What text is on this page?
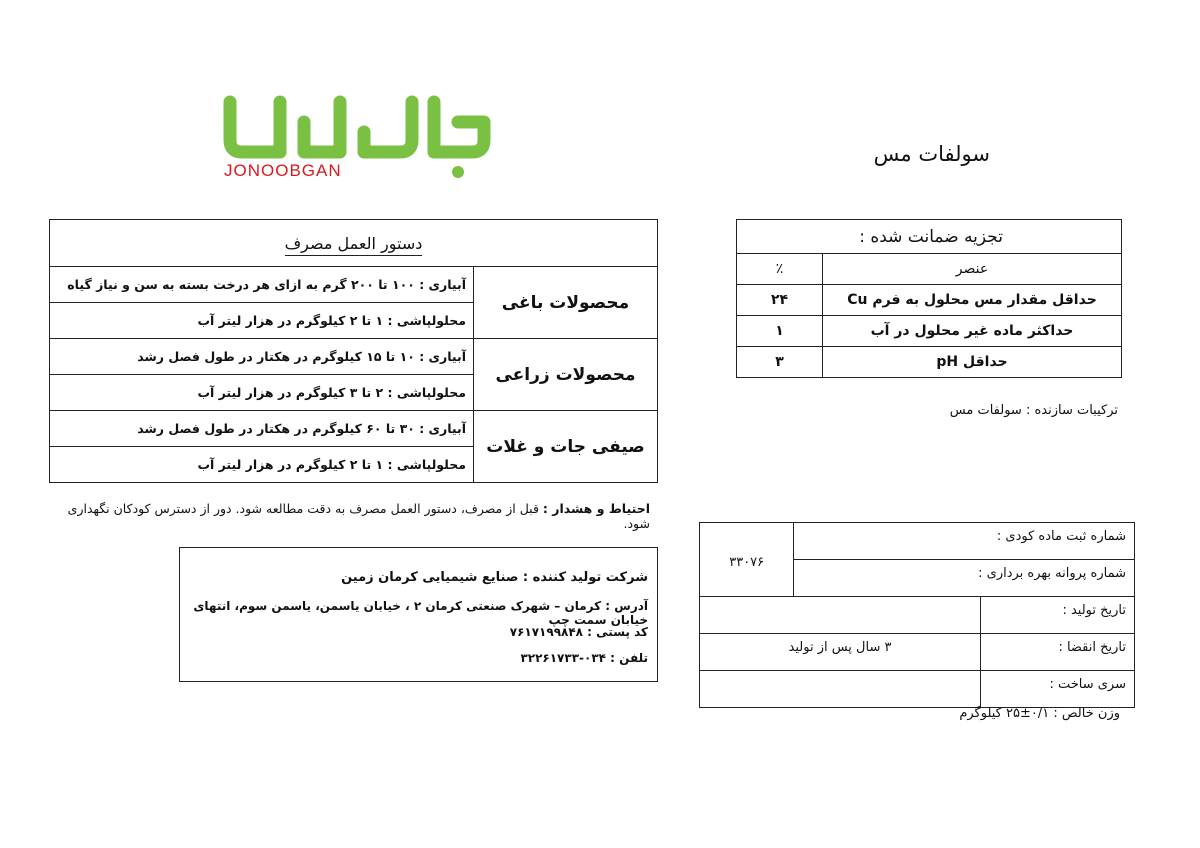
JONOOBGAN
سولفات مس
تجزیه ضمانت شده :	
عنصر	٪
حداقل مقدار مس محلول به فرم Cu	۲۴
حداکثر ماده غیر محلول در آب	۱
حداقل pH	۳
ترکیبات سازنده : سولفات مس
دستور العمل مصرف	
محصولات باغی	آبیاری : ۱۰۰ تا ۲۰۰ گرم به ازای هر درخت بسته به سن و نیاز گیاه
	محلولپاشی : ۱ تا ۲ کیلوگرم در هزار لیتر آب
محصولات زراعی	آبیاری : ۱۰ تا ۱۵ کیلوگرم در هکتار در طول فصل رشد
	محلولپاشی : ۲ تا ۳ کیلوگرم در هزار لیتر آب
صیفی جات و غلات	آبیاری : ۳۰ تا ۶۰ کیلوگرم در هکتار در طول فصل رشد
	محلولپاشی : ۱ تا ۲ کیلوگرم در هزار لیتر آب
احتیاط و هشدار : قبل از مصرف، دستور العمل مصرف به دقت مطالعه شود. دور از دسترس کودکان نگهداری شود.
شرکت تولید کننده : صنایع شیمیایی کرمان زمین
آدرس : کرمان – شهرک صنعتی کرمان ۲ ، خیابان یاسمن، یاسمن سوم، انتهای خیابان سمت چپ
کد پستی : ۷۶۱۷۱۹۹۸۴۸
تلفن : ۰۳۴-۳۲۲۶۱۷۳۳
شماره ثبت ماده کودی :		۳۳۰۷۶
شماره پروانه بهره برداری :		
تاریخ تولید :		
تاریخ انقضا :	۳ سال پس از تولید	
سری ساخت :		
وزن خالص : ۰/۱±۲۵ کیلوگرم
